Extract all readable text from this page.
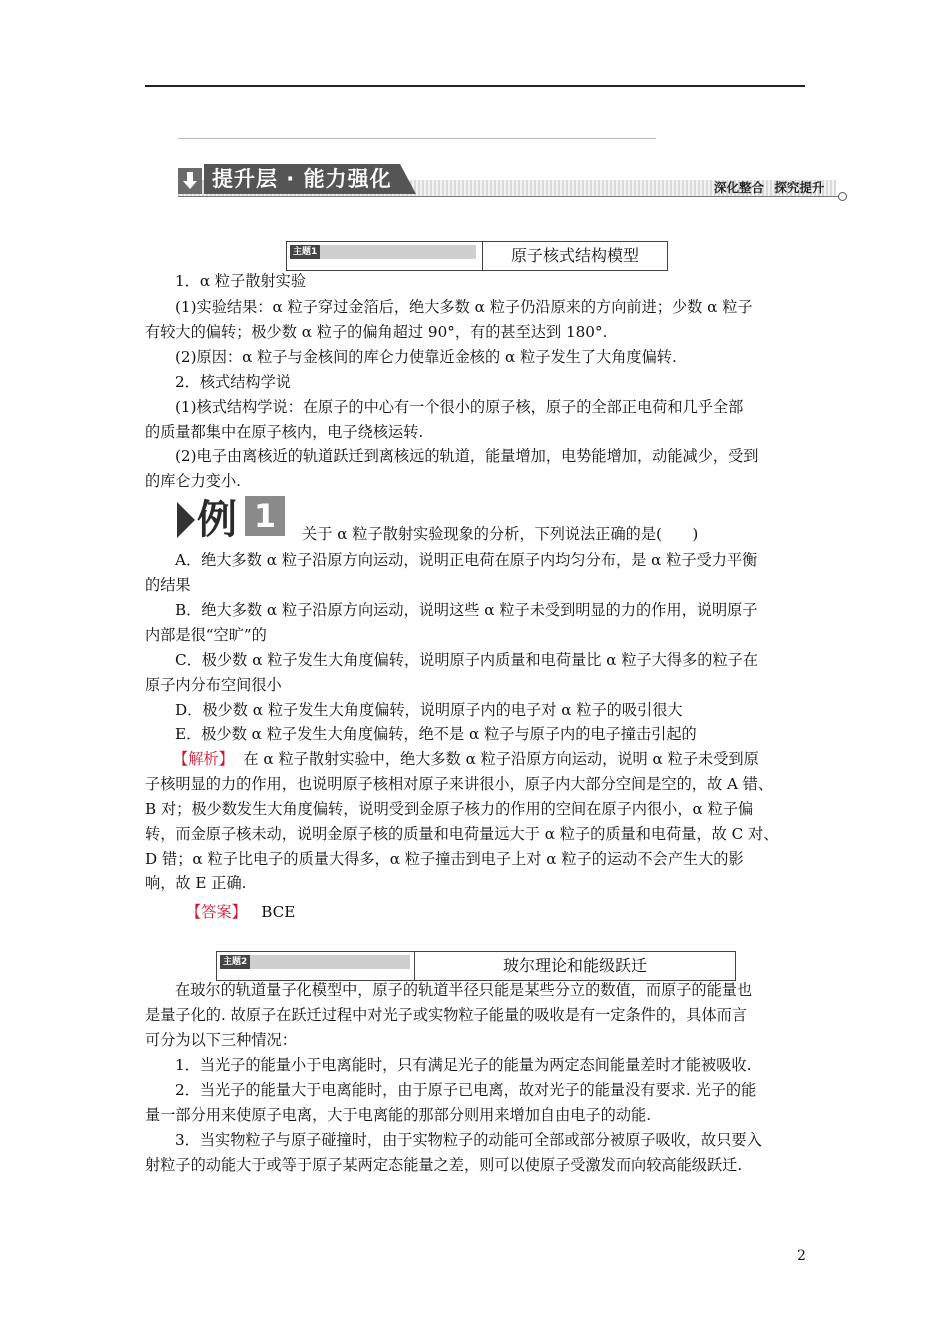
提升层 · 能力强化	深化整合 探究提升
主题1	原子核式结构模型
1．α 粒子散射实验
(1)实验结果：α 粒子穿过金箔后，绝大多数 α 粒子仍沿原来的方向前进；少数 α 粒子
有较大的偏转；极少数 α 粒子的偏角超过 90°，有的甚至达到 180°.
(2)原因：α 粒子与金核间的库仑力使靠近金核的 α 粒子发生了大角度偏转.
2．核式结构学说
(1)核式结构学说：在原子的中心有一个很小的原子核，原子的全部正电荷和几乎全部
的质量都集中在原子核内，电子绕核运转.
(2)电子由离核近的轨道跃迁到离核远的轨道，能量增加，电势能增加，动能减少，受到
的库仑力变小.
例 1	关于 α 粒子散射实验现象的分析，下列说法正确的是(　　)
A．绝大多数 α 粒子沿原方向运动，说明正电荷在原子内均匀分布，是 α 粒子受力平衡
的结果
B．绝大多数 α 粒子沿原方向运动，说明这些 α 粒子未受到明显的力的作用，说明原子
内部是很“空旷”的
C．极少数 α 粒子发生大角度偏转，说明原子内质量和电荷量比 α 粒子大得多的粒子在
原子内分布空间很小
D．极少数 α 粒子发生大角度偏转，说明原子内的电子对 α 粒子的吸引很大
E．极少数 α 粒子发生大角度偏转，绝不是 α 粒子与原子内的电子撞击引起的
【解析】 在 α 粒子散射实验中，绝大多数 α 粒子沿原方向运动，说明 α 粒子未受到原
子核明显的力的作用，也说明原子核相对原子来讲很小，原子内大部分空间是空的，故 A 错、
B 对；极少数发生大角度偏转，说明受到金原子核力的作用的空间在原子内很小，α 粒子偏
转，而金原子核未动，说明金原子核的质量和电荷量远大于 α 粒子的质量和电荷量，故 C 对、
D 错；α 粒子比电子的质量大得多，α 粒子撞击到电子上对 α 粒子的运动不会产生大的影
响，故 E 正确.
【答案】 BCE
主题2	玻尔理论和能级跃迁
在玻尔的轨道量子化模型中，原子的轨道半径只能是某些分立的数值，而原子的能量也
是量子化的. 故原子在跃迁过程中对光子或实物粒子能量的吸收是有一定条件的，具体而言
可分为以下三种情况：
1．当光子的能量小于电离能时，只有满足光子的能量为两定态间能量差时才能被吸收.
2．当光子的能量大于电离能时，由于原子已电离，故对光子的能量没有要求. 光子的能
量一部分用来使原子电离，大于电离能的那部分则用来增加自由电子的动能.
3．当实物粒子与原子碰撞时，由于实物粒子的动能可全部或部分被原子吸收，故只要入
射粒子的动能大于或等于原子某两定态能量之差，则可以使原子受激发而向较高能级跃迁.
2
